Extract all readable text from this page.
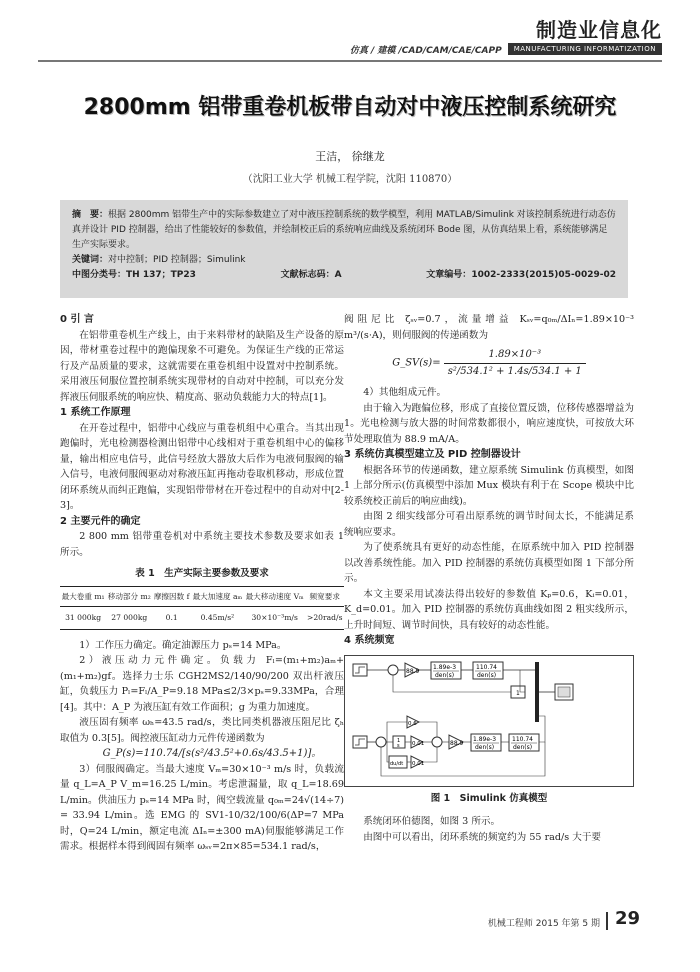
制造业信息化
仿真 / 建模 /CAD/CAM/CAE/CAPP	MANUFACTURING INFORMATIZATION
2800mm 铝带重卷机板带自动对中液压控制系统研究
王洁， 徐继龙
（沈阳工业大学 机械工程学院，沈阳 110870）
摘　要：根据 2800mm 铝带生产中的实际参数建立了对中液压控制系统的数学模型，利用 MATLAB/Simulink 对该控制系统进行动态仿真并设计 PID 控制器，给出了性能较好的参数值，并绘制校正后的系统响应曲线及系统闭环 Bode 图，从仿真结果上看，系统能够满足生产实际要求。
关键词：对中控制；PID 控制器；Simulink
中图分类号：TH 137；TP23	文献标志码：A	文章编号：1002-2333(2015)05-0029-02

0 引 言

在铝带重卷机生产线上，由于来料带材的缺陷及生产设备的原因，带材重卷过程中的跑偏现象不可避免。为保证生产线的正常运行及产品质量的要求，这就需要在重卷机组中设置对中控制系统。采用液压伺服位置控制系统实现带材的自动对中控制，可以充分发挥液压伺服系统的响应快、精度高、驱动负载能力大的特点[1]。

1 系统工作原理

在开卷过程中，铝带中心线应与重卷机组中心重合。当其出现跑偏时，光电检测器检测出铝带中心线相对于重卷机组中心的偏移量，输出相应电信号，此信号经放大器放大后作为电液伺服阀的输入信号，电液伺服阀驱动对称液压缸再拖动卷取机移动，形成位置闭环系统从而纠正跑偏，实现铝带带材在开卷过程中的自动对中[2-3]。

2 主要元件的确定

2 800 mm 铝带重卷机对中系统主要技术参数及要求如表 1 所示。

表 1　生产实际主要参数及要求
最大卷重 m₁	移动部分 m₂	摩擦因数 f	最大加速度 aₘ	最大移动速度 Vₘ	频宽要求
31 000kg	27 000kg	0.1	0.45m/s²	30×10⁻³m/s	>20rad/s

1）工作压力确定。确定油源压力 pₛ=14 MPa。

2）液压动力元件确定。负载力 Fₗ=(m₁+m₂)aₘ+(m₁+m₂)gf。选择力士乐 CGH2MS2/140/90/200 双出杆液压缸，负载压力 Pₗ=Fₗ/A_P=9.18 MPa≤2/3×pₛ=9.33MPa，合理[4]。其中：A_P 为液压缸有效工作面积；g 为重力加速度。

液压固有频率 ωₕ=43.5 rad/s，类比同类机器液压阻尼比 ζₕ 取值为 0.3[5]。阀控液压缸动力元件传递函数为

G_P(s)=110.74/[s(s²/43.5²+0.6s/43.5+1)]。

3）伺服阀确定。当最大速度 Vₘ=30×10⁻³ m/s 时，负载流量 q_L=A_P V_m=16.25 L/min。考虑泄漏量，取 q_L=18.69 L/min。供油压力 pₛ=14 MPa 时，阀空载流量 q₀ₘ=24√(14÷7) = 33.94 L/min。选 EMG 的 SV1-10/32/100/6(ΔP=7 MPa 时，Q=24 L/min，额定电流 ΔIₙ=±300 mA)伺服能够满足工作需求。根据样本得到阀固有频率 ωₛᵥ=2π×85=534.1 rad/s，

阀阻尼比 ζₛᵥ=0.7，流量增益 Kₛᵥ=q₀ₘ/ΔIₙ=1.89×10⁻³ m³/(s·A)，则伺服阀的传递函数为

G_SV(s)= $\frac{\text{1.89×10⁻³}}{\text{s²/534.1² + 1.4s/534.1 + 1}}$

4）其他组成元件。

由于输入为跑偏位移，形成了直接位置反馈，位移传感器增益为 1。光电检测与放大器的时间常数都很小，响应速度快，可按放大环节处理取值为 88.9 mA/A。

3 系统仿真模型建立及 PID 控制器设计

根据各环节的传递函数，建立原系统 Simulink 仿真模型，如图 1 上部分所示(仿真模型中添加 Mux 模块有利于在 Scope 模块中比较系统校正前后的响应曲线)。

由图 2 细实线部分可看出原系统的调节时间太长，不能满足系统响应要求。

为了使系统具有更好的动态性能，在原系统中加入 PID 控制器以改善系统性能。加入 PID 控制器的系统仿真模型如图 1 下部分所示。

本文主要采用试凑法得出较好的参数值 Kₚ=0.6，Kᵢ=0.01，K_d=0.01。加入 PID 控制器的系统仿真曲线如图 2 粗实线所示，上升时间短、调节时间快，具有较好的动态性能。

4 系统频宽

88.9
1.89e-3
den(s)
110.74
den(s)
1
0.6
1
s 0.01
du/dt 0.01
88.9
1.89e-3
den(s)
110.74
den(s)
图 1　Simulink 仿真模型

系统闭环伯德图，如图 3 所示。

由图中可以看出，闭环系统的频宽约为 55 rad/s 大于要

机械工程师 2015 年第 5 期 29
